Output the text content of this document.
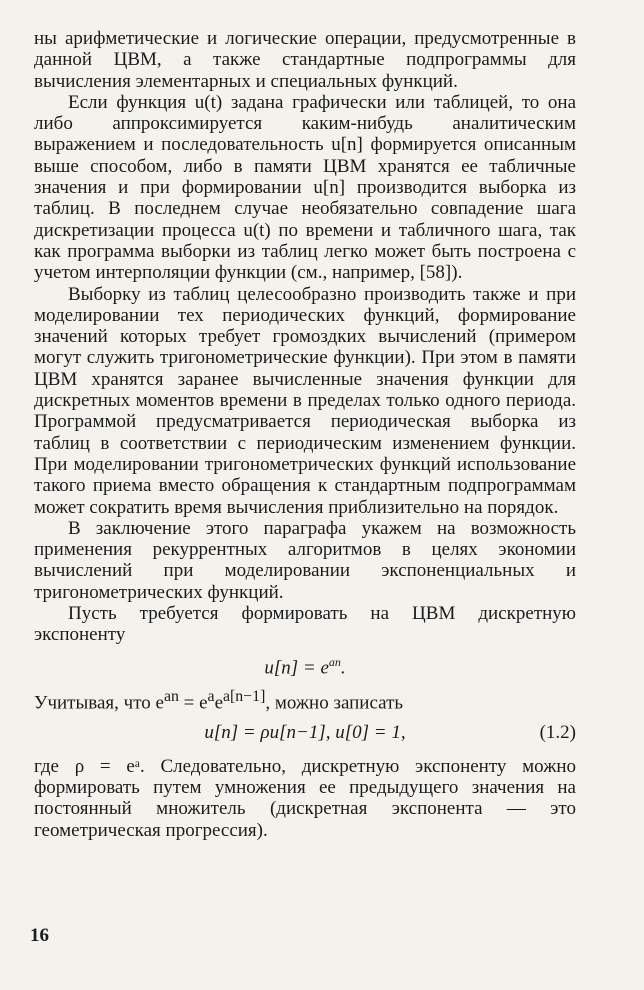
ны арифметические и логические операции, предусмотренные в данной ЦВМ, а также стандартные подпрограммы для вычисления элементарных и специальных функций.

Если функция u(t) задана графически или таблицей, то она либо аппроксимируется каким-нибудь аналитическим выражением и последовательность u[n] формируется описанным выше способом, либо в памяти ЦВМ хранятся ее табличные значения и при формировании u[n] производится выборка из таблиц. В последнем случае необязательно совпадение шага дискретизации процесса u(t) по времени и табличного шага, так как программа выборки из таблиц легко может быть построена с учетом интерполяции функции (см., например, [58]).

Выборку из таблиц целесообразно производить также и при моделировании тех периодических функций, формирование значений которых требует громоздких вычислений (примером могут служить тригонометрические функции). При этом в памяти ЦВМ хранятся заранее вычисленные значения функции для дискретных моментов времени в пределах только одного периода. Программой предусматривается периодическая выборка из таблиц в соответствии с периодическим изменением функции. При моделировании тригонометрических функций использование такого приема вместо обращения к стандартным подпрограммам может сократить время вычисления приблизительно на порядок.

В заключение этого параграфа укажем на возможность применения рекуррентных алгоритмов в целях экономии вычислений при моделировании экспоненциальных и тригонометрических функций.

Пусть требуется формировать на ЦВМ дискретную экспоненту

$u[n] = e^{an}$.

Учитывая, что $e^{an} = e^ae^{a[n-1]}$, можно записать

u[n] = ρu[n−1], u[0] = 1,	(1.2)

где ρ = eᵃ. Следовательно, дискретную экспоненту можно формировать путем умножения ее предыдущего значения на постоянный множитель (дискретная экспонента — это геометрическая прогрессия).

16
